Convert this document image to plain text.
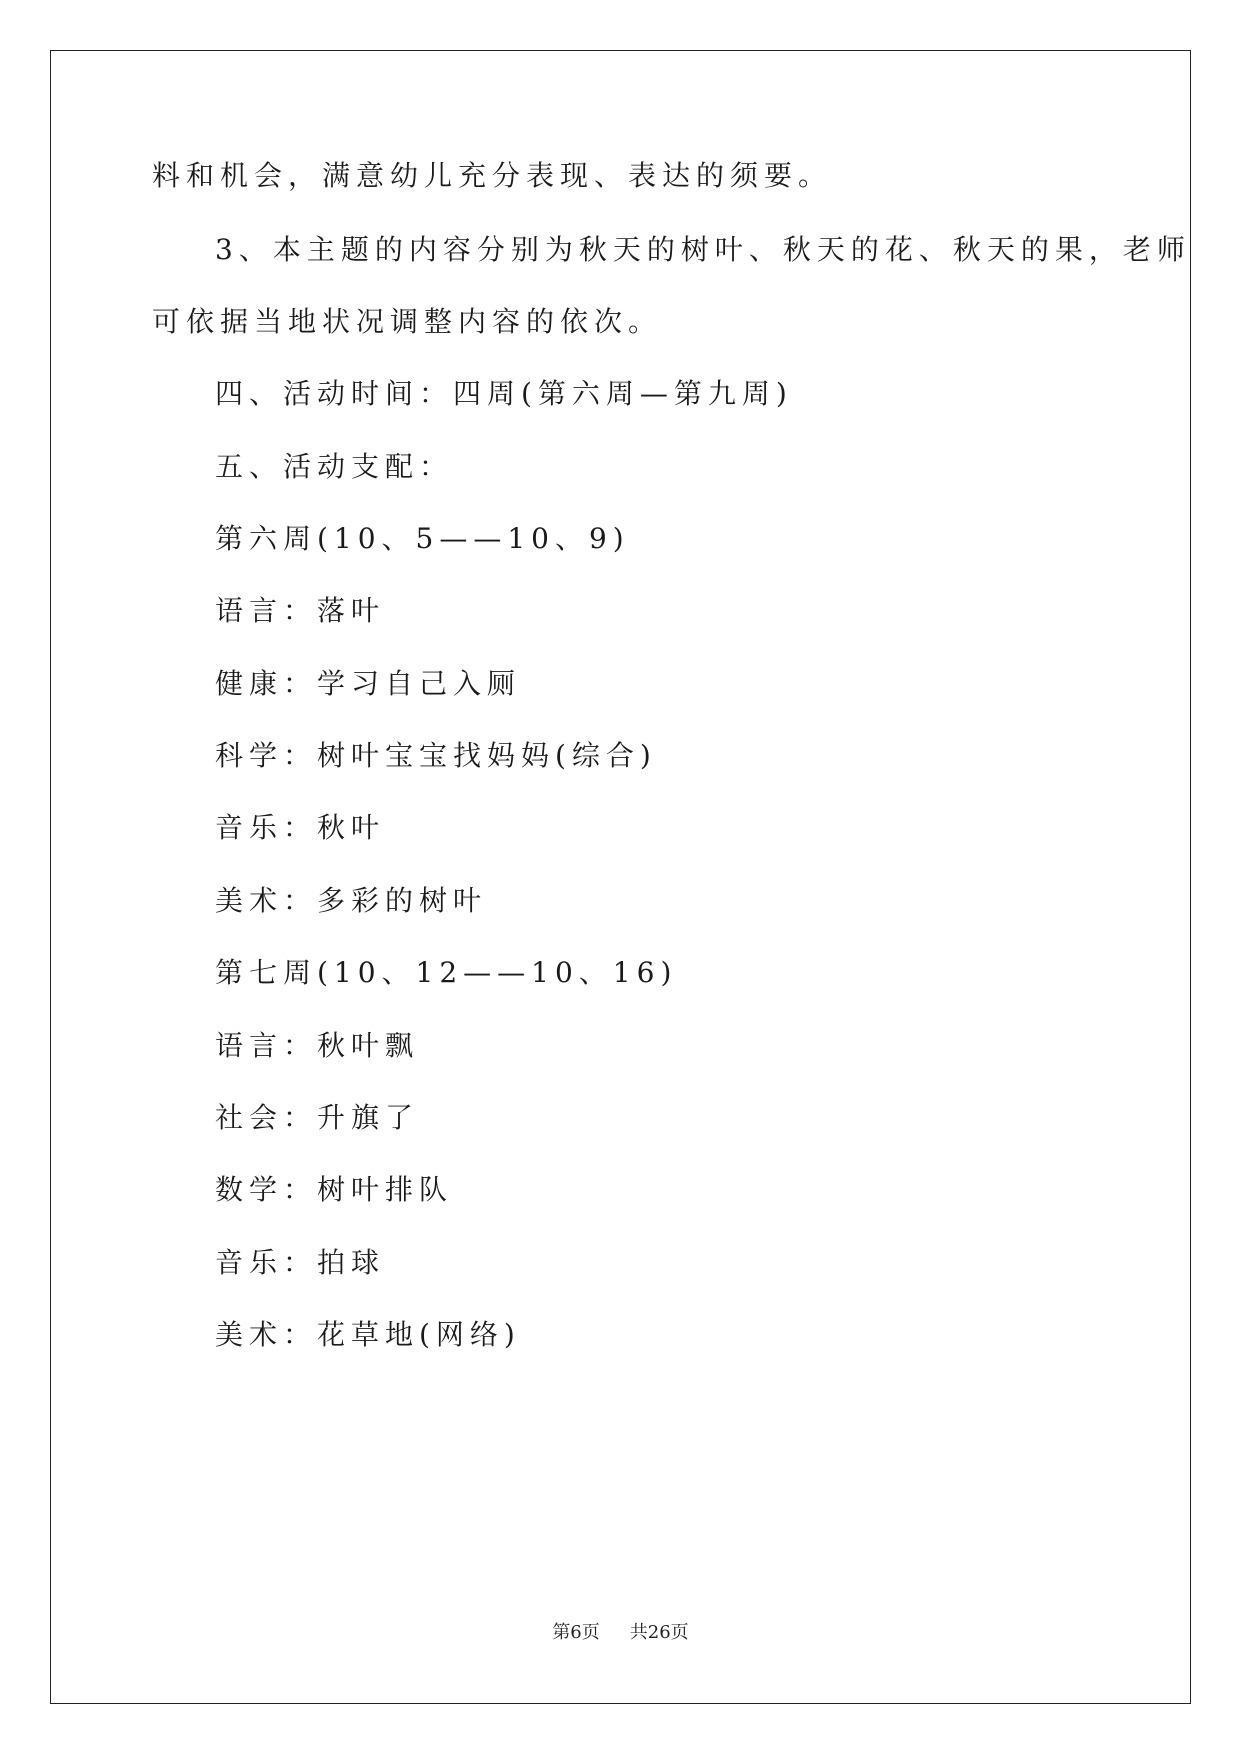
料和机会，满意幼儿充分表现、表达的须要。
3、本主题的内容分别为秋天的树叶、秋天的花、秋天的果，老师
可依据当地状况调整内容的依次。
四、活动时间：四周(第六周—第九周)
五、活动支配：
第六周(10、5——10、9)
语言：落叶
健康：学习自己入厕
科学：树叶宝宝找妈妈(综合)
音乐：秋叶
美术：多彩的树叶
第七周(10、12——10、16)
语言：秋叶飘
社会：升旗了
数学：树叶排队
音乐：拍球
美术：花草地(网络)
第6页 共26页
